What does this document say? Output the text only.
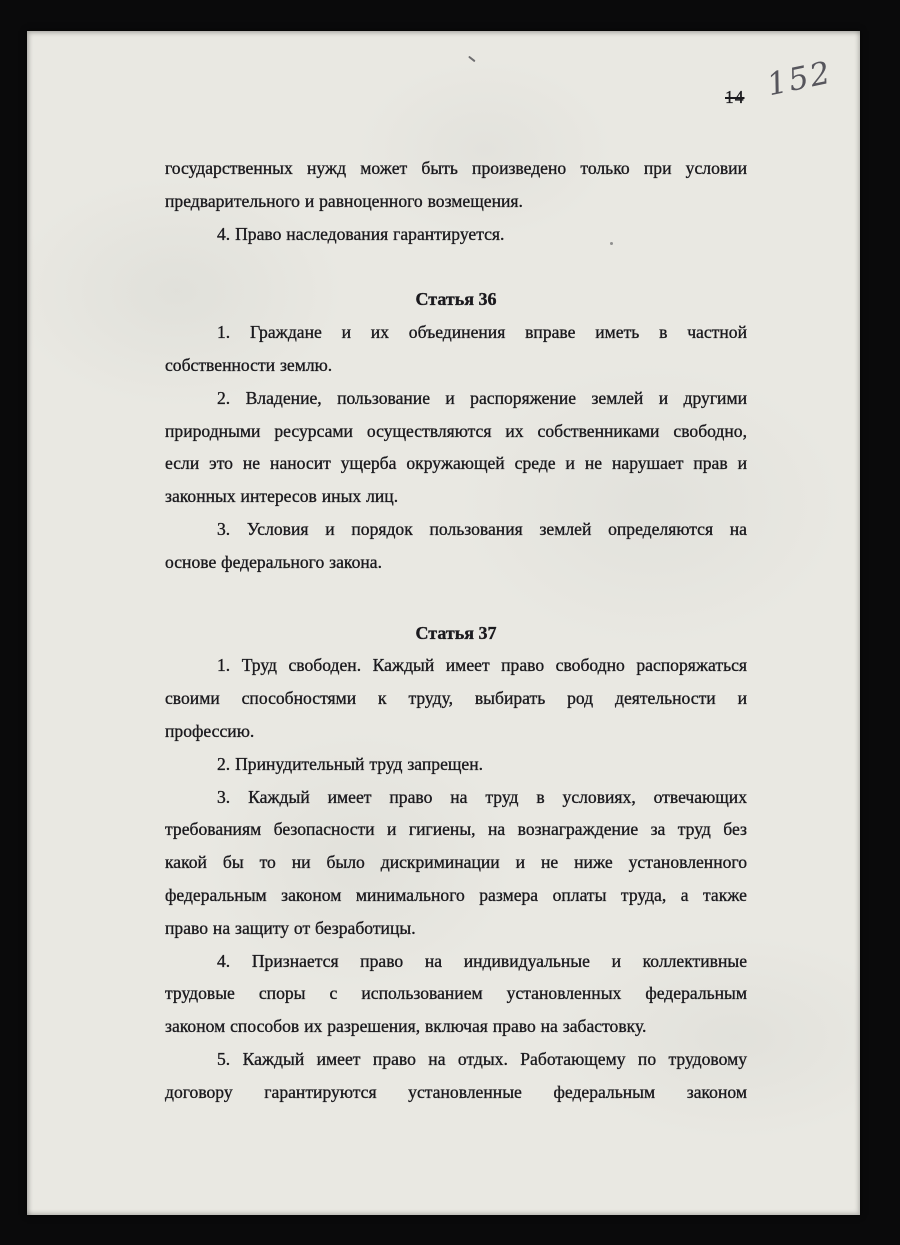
14 152
государственных нужд может быть произведено только при условии
предварительного и равноценного возмещения.
4. Право наследования гарантируется.
Статья 36
1. Граждане и их объединения вправе иметь в частной
собственности землю.
2. Владение, пользование и распоряжение землей и другими
природными ресурсами осуществляются их собственниками свободно,
если это не наносит ущерба окружающей среде и не нарушает прав и
законных интересов иных лиц.
3. Условия и порядок пользования землей определяются на
основе федерального закона.
Статья 37
1. Труд свободен. Каждый имеет право свободно распоряжаться
своими способностями к труду, выбирать род деятельности и
профессию.
2. Принудительный труд запрещен.
3. Каждый имеет право на труд в условиях, отвечающих
требованиям безопасности и гигиены, на вознаграждение за труд без
какой бы то ни было дискриминации и не ниже установленного
федеральным законом минимального размера оплаты труда, а также
право на защиту от безработицы.
4. Признается право на индивидуальные и коллективные
трудовые споры с использованием установленных федеральным
законом способов их разрешения, включая право на забастовку.
5. Каждый имеет право на отдых. Работающему по трудовому
договору гарантируются установленные федеральным законом
